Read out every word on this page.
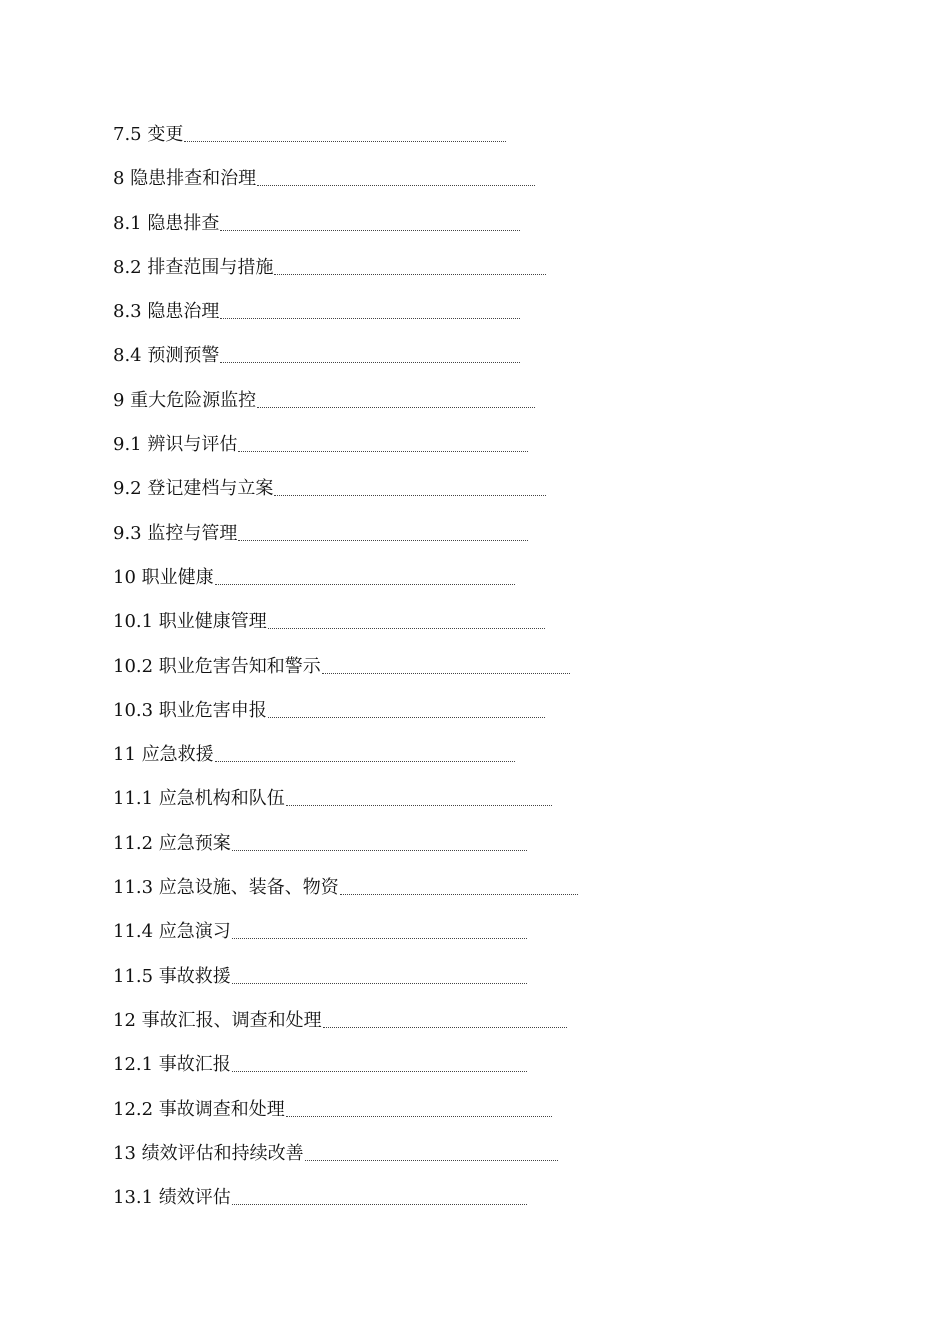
7.5 变更
8 隐患排查和治理
8.1 隐患排查
8.2 排查范围与措施
8.3 隐患治理
8.4 预测预警
9 重大危险源监控
9.1 辨识与评估
9.2 登记建档与立案
9.3 监控与管理
10 职业健康
10.1 职业健康管理
10.2 职业危害告知和警示
10.3 职业危害申报
11 应急救援
11.1 应急机构和队伍
11.2 应急预案
11.3 应急设施、装备、物资
11.4 应急演习
11.5 事故救援
12 事故汇报、调查和处理
12.1 事故汇报
12.2 事故调查和处理
13 绩效评估和持续改善
13.1 绩效评估
